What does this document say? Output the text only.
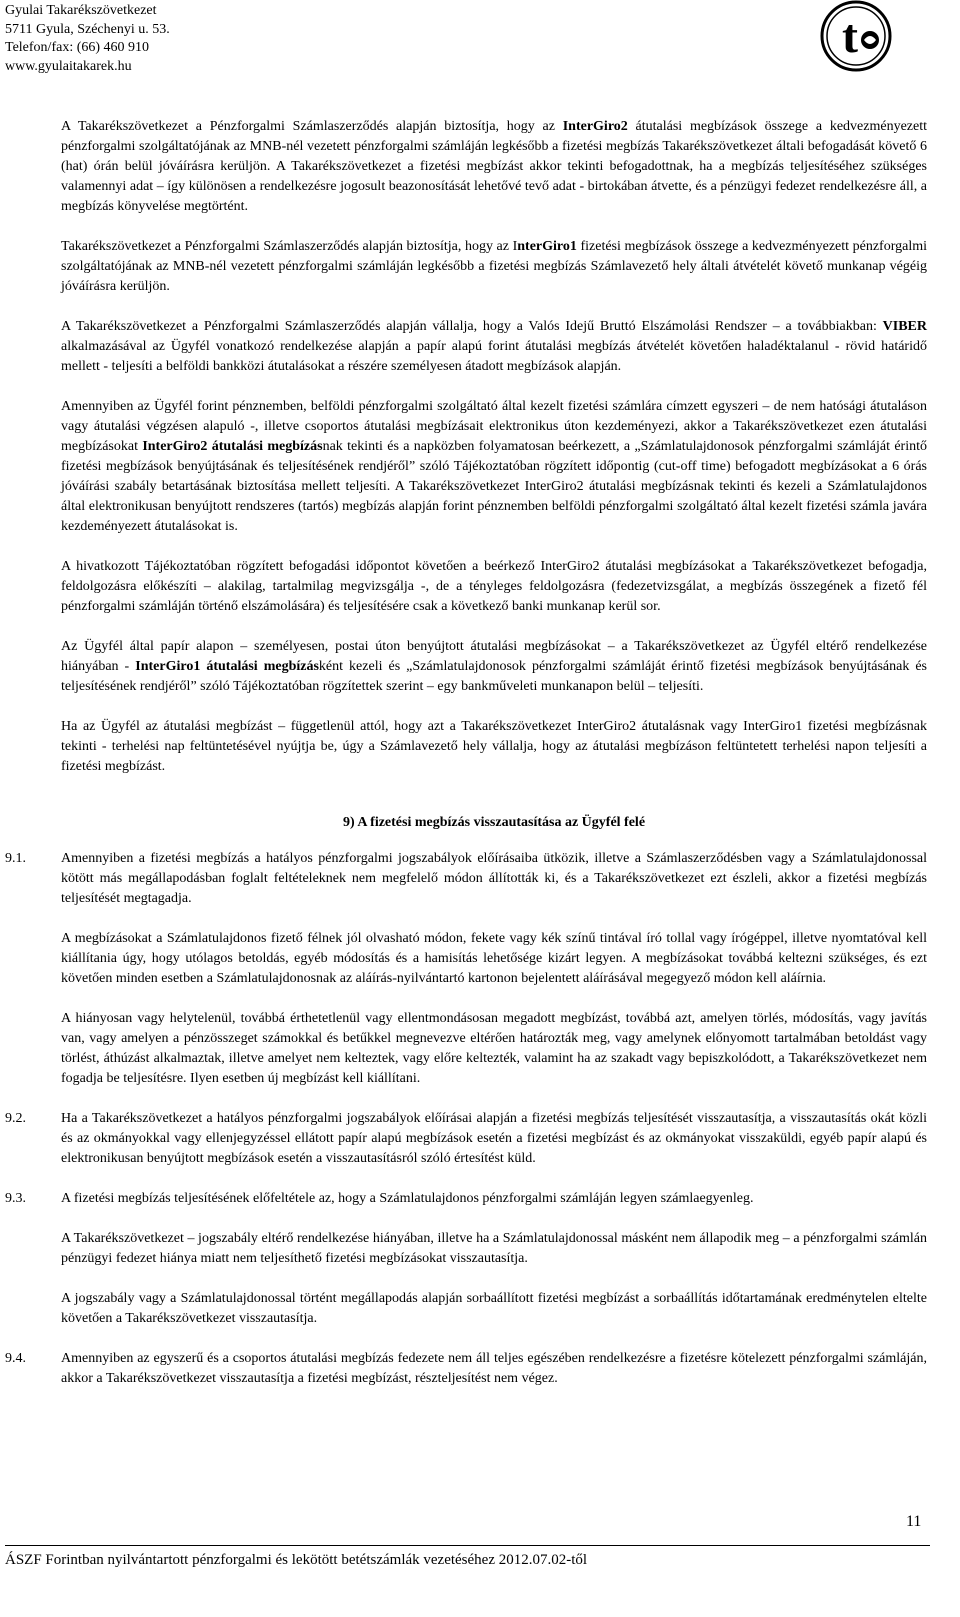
Gyulai Takarékszövetkezet
5711 Gyula, Széchenyi u. 53.
Telefon/fax: (66) 460 910
www.gyulaitakarek.hu
t

A Takarékszövetkezet a Pénzforgalmi Számlaszerződés alapján biztosítja, hogy az InterGiro2 átutalási megbízások összege a kedvezményezett pénzforgalmi szolgáltatójának az MNB-nél vezetett pénzforgalmi számláján legkésőbb a fizetési megbízás Takarékszövetkezet általi befogadását követő 6 (hat) órán belül jóváírásra kerüljön. A Takarékszövetkezet a fizetési megbízást akkor tekinti befogadottnak, ha a megbízás teljesítéséhez szükséges valamennyi adat – így különösen a rendelkezésre jogosult beazonosítását lehetővé tevő adat - birtokában átvette, és a pénzügyi fedezet rendelkezésre áll, a megbízás könyvelése megtörtént.

Takarékszövetkezet a Pénzforgalmi Számlaszerződés alapján biztosítja, hogy az InterGiro1 fizetési megbízások összege a kedvezményezett pénzforgalmi szolgáltatójának az MNB-nél vezetett pénzforgalmi számláján legkésőbb a fizetési megbízás Számlavezető hely általi átvételét követő munkanap végéig jóváírásra kerüljön.

A Takarékszövetkezet a Pénzforgalmi Számlaszerződés alapján vállalja, hogy a Valós Idejű Bruttó Elszámolási Rendszer – a továbbiakban: VIBER alkalmazásával az Ügyfél vonatkozó rendelkezése alapján a papír alapú forint átutalási megbízás átvételét követően haladéktalanul - rövid határidő mellett - teljesíti a belföldi bankközi átutalásokat a részére személyesen átadott megbízások alapján.

Amennyiben az Ügyfél forint pénznemben, belföldi pénzforgalmi szolgáltató által kezelt fizetési számlára címzett egyszeri – de nem hatósági átutaláson vagy átutalási végzésen alapuló -, illetve csoportos átutalási megbízásait elektronikus úton kezdeményezi, akkor a Takarékszövetkezet ezen átutalási megbízásokat InterGiro2 átutalási megbízásnak tekinti és a napközben folyamatosan beérkezett, a „Számlatulajdonosok pénzforgalmi számláját érintő fizetési megbízások benyújtásának és teljesítésének rendjéről” szóló Tájékoztatóban rögzített időpontig (cut-off time) befogadott megbízásokat a 6 órás jóváírási szabály betartásának biztosítása mellett teljesíti. A Takarékszövetkezet InterGiro2 átutalási megbízásnak tekinti és kezeli a Számlatulajdonos által elektronikusan benyújtott rendszeres (tartós) megbízás alapján forint pénznemben belföldi pénzforgalmi szolgáltató által kezelt fizetési számla javára kezdeményezett átutalásokat is.

A hivatkozott Tájékoztatóban rögzített befogadási időpontot követően a beérkező InterGiro2 átutalási megbízásokat a Takarékszövetkezet befogadja, feldolgozásra előkészíti – alakilag, tartalmilag megvizsgálja -, de a tényleges feldolgozásra (fedezetvizsgálat, a megbízás összegének a fizető fél pénzforgalmi számláján történő elszámolására) és teljesítésére csak a következő banki munkanap kerül sor.

Az Ügyfél által papír alapon – személyesen, postai úton benyújtott átutalási megbízásokat – a Takarékszövetkezet az Ügyfél eltérő rendelkezése hiányában - InterGiro1 átutalási megbízásként kezeli és „Számlatulajdonosok pénzforgalmi számláját érintő fizetési megbízások benyújtásának és teljesítésének rendjéről” szóló Tájékoztatóban rögzítettek szerint – egy bankműveleti munkanapon belül – teljesíti.

Ha az Ügyfél az átutalási megbízást – függetlenül attól, hogy azt a Takarékszövetkezet InterGiro2 átutalásnak vagy InterGiro1 fizetési megbízásnak tekinti - terhelési nap feltüntetésével nyújtja be, úgy a Számlavezető hely vállalja, hogy az átutalási megbízáson feltüntetett terhelési napon teljesíti a fizetési megbízást.

9) A fizetési megbízás visszautasítása az Ügyfél felé
9.1.	Amennyiben a fizetési megbízás a hatályos pénzforgalmi jogszabályok előírásaiba ütközik, illetve a Számlaszerződésben vagy a Számlatulajdonossal kötött más megállapodásban foglalt feltételeknek nem megfelelő módon állították ki, és a Takarékszövetkezet ezt észleli, akkor a fizetési megbízás teljesítését megtagadja.

A megbízásokat a Számlatulajdonos fizető félnek jól olvasható módon, fekete vagy kék színű tintával író tollal vagy írógéppel, illetve nyomtatóval kell kiállítania úgy, hogy utólagos betoldás, egyéb módosítás és a hamisítás lehetősége kizárt legyen. A megbízásokat továbbá keltezni szükséges, és ezt követően minden esetben a Számlatulajdonosnak az aláírás-nyilvántartó kartonon bejelentett aláírásával megegyező módon kell aláírnia.

A hiányosan vagy helytelenül, továbbá érthetetlenül vagy ellentmondásosan megadott megbízást, továbbá azt, amelyen törlés, módosítás, vagy javítás van, vagy amelyen a pénzösszeget számokkal és betűkkel megnevezve eltérően határozták meg, vagy amelynek előnyomott tartalmában betoldást vagy törlést, áthúzást alkalmaztak, illetve amelyet nem kelteztek, vagy előre keltezték, valamint ha az szakadt vagy bepiszkolódott, a Takarékszövetkezet nem fogadja be teljesítésre. Ilyen esetben új megbízást kell kiállítani.

9.2.	Ha a Takarékszövetkezet a hatályos pénzforgalmi jogszabályok előírásai alapján a fizetési megbízás teljesítését visszautasítja, a visszautasítás okát közli és az okmányokkal vagy ellenjegyzéssel ellátott papír alapú megbízások esetén a fizetési megbízást és az okmányokat visszaküldi, egyéb papír alapú és elektronikusan benyújtott megbízások esetén a visszautasításról szóló értesítést küld.

9.3.	A fizetési megbízás teljesítésének előfeltétele az, hogy a Számlatulajdonos pénzforgalmi számláján legyen számlaegyenleg.

A Takarékszövetkezet – jogszabály eltérő rendelkezése hiányában, illetve ha a Számlatulajdonossal másként nem állapodik meg – a pénzforgalmi számlán pénzügyi fedezet hiánya miatt nem teljesíthető fizetési megbízásokat visszautasítja.

A jogszabály vagy a Számlatulajdonossal történt megállapodás alapján sorbaállított fizetési megbízást a sorbaállítás időtartamának eredménytelen eltelte követően a Takarékszövetkezet visszautasítja.

9.4.	Amennyiben az egyszerű és a csoportos átutalási megbízás fedezete nem áll teljes egészében rendelkezésre a fizetésre kötelezett pénzforgalmi számláján, akkor a Takarékszövetkezet visszautasítja a fizetési megbízást, részteljesítést nem végez.

11
ÁSZF Forintban nyilvántartott pénzforgalmi és lekötött betétszámlák vezetéséhez 2012.07.02-től
